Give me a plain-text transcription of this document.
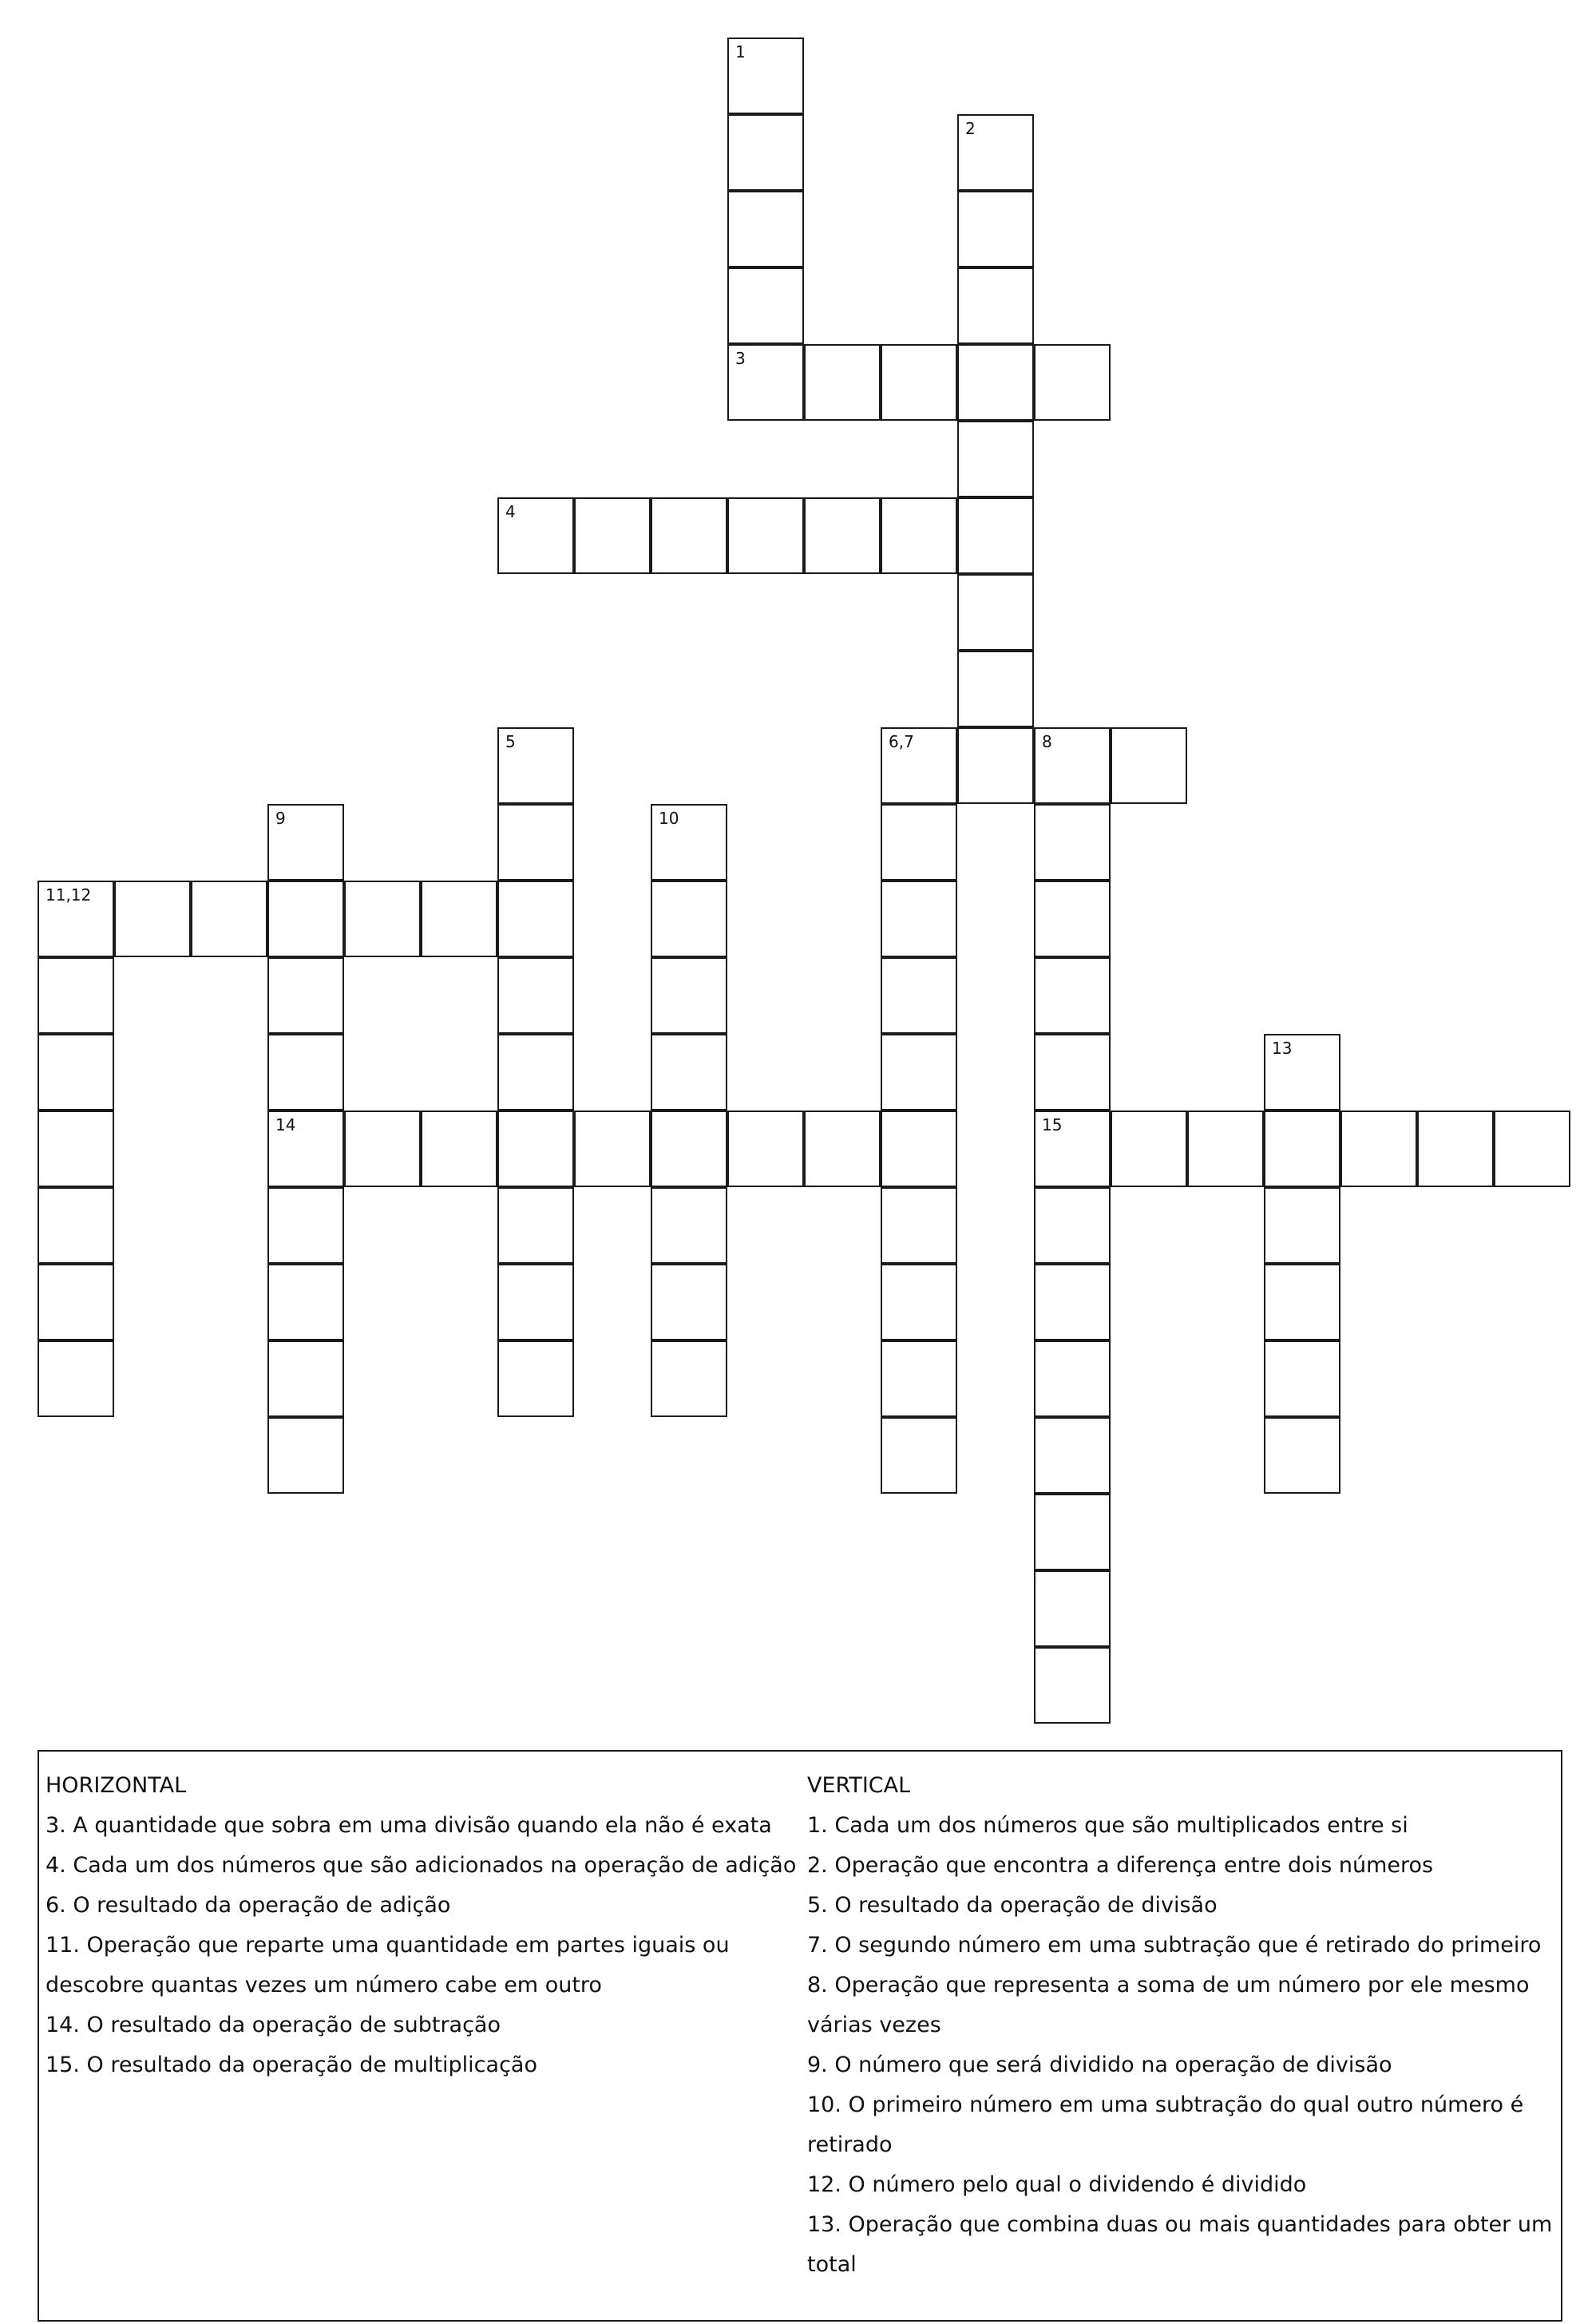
1
2
3
4
5	6,7	8
9	10
11,12
13
14	15

HORIZONTAL

3. A quantidade que sobra em uma divisão quando ela não é exata

4. Cada um dos números que são adicionados na operação de adição

6. O resultado da operação de adição

11. Operação que reparte uma quantidade em partes iguais ou

descobre quantas vezes um número cabe em outro

14. O resultado da operação de subtração

15. O resultado da operação de multiplicação

VERTICAL

1. Cada um dos números que são multiplicados entre si

2. Operação que encontra a diferença entre dois números

5. O resultado da operação de divisão

7. O segundo número em uma subtração que é retirado do primeiro

8. Operação que representa a soma de um número por ele mesmo

várias vezes

9. O número que será dividido na operação de divisão

10. O primeiro número em uma subtração do qual outro número é

retirado

12. O número pelo qual o dividendo é dividido

13. Operação que combina duas ou mais quantidades para obter um

total
